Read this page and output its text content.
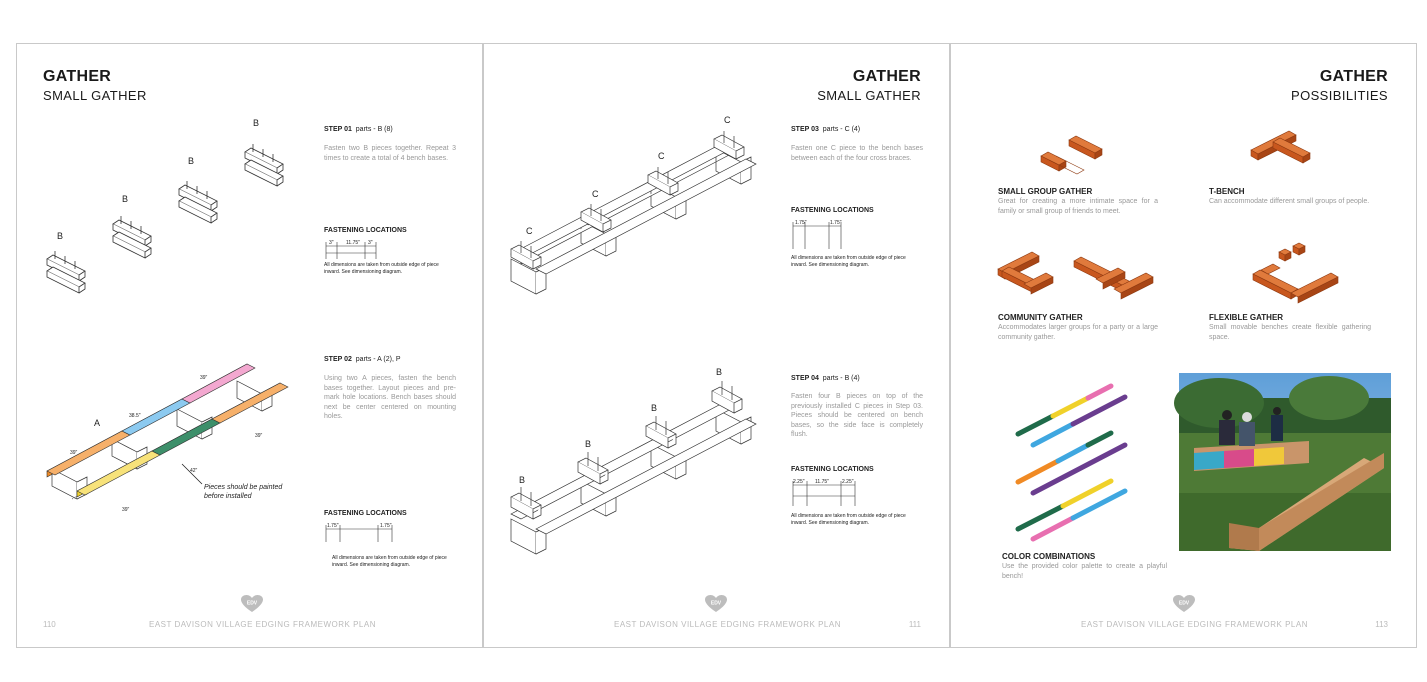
GATHER
SMALL GATHER
B
B
B
B
STEP 01 parts - B (8)
Fasten two B pieces together. Repeat 3 times to create a total of 4 bench bases.
FASTENING LOCATIONS
3" 11.75" 3"
All dimensions are taken from outside edge of piece inward. See dimensioning diagram.
A
39"
38.5"
39"
39"
42"
39"
Pieces should be painted
before installed
STEP 02 parts - A (2), P
Using two A pieces, fasten the bench bases together. Layout pieces and pre-mark hole locations. Bench bases should next be center centered on mounting holes.
FASTENING LOCATIONS
1.75"	1.75"
All dimensions are taken from outside edge of piece inward. See dimensioning diagram.
EDV
110	EAST DAVISON VILLAGE EDGING FRAMEWORK PLAN
GATHER
SMALL GATHER
C
C
C
C
STEP 03 parts - C (4)
Fasten one C piece to the bench bases between each of the four cross braces.
FASTENING LOCATIONS
1.75"	1.75"
All dimensions are taken from outside edge of piece inward. See dimensioning diagram.
B
B
B
B
STEP 04 parts - B (4)
Fasten four B pieces on top of the previously installed C pieces in Step 03. Pieces should be centered on bench bases, so the side face is completely flush.
FASTENING LOCATIONS
2.25" 11.75"	2.25"
All dimensions are taken from outside edge of piece inward. See dimensioning diagram.
EDV
EAST DAVISON VILLAGE EDGING FRAMEWORK PLAN	111
GATHER
POSSIBILITIES
SMALL GROUP GATHER
Great for creating a more intimate space for a family or small group of friends to meet.
T-BENCH
Can accommodate different small groups of people.
COMMUNITY GATHER
Accommodates larger groups for a party or a large community gather.
FLEXIBLE GATHER
Small movable benches create flexible gathering space.
COLOR COMBINATIONS
Use the provided color palette to create a playful bench!
EDV
EAST DAVISON VILLAGE EDGING FRAMEWORK PLAN	113
